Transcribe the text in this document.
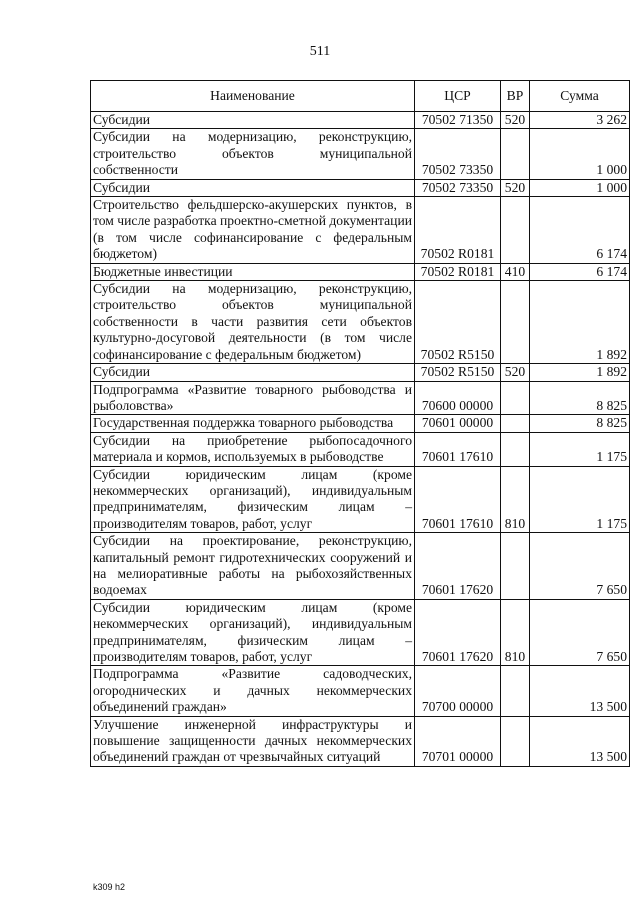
511
Наименование	ЦСР	ВР	Сумма
Субсидии	70502 71350	520	3 262
Субсидии на модернизацию, реконструкцию, строительство объектов муниципальной собственности	70502 73350		1 000
Субсидии	70502 73350	520	1 000
Строительство фельдшерско-акушерских пунктов, в том числе разработка проектно-сметной документации (в том числе софинансирование с федеральным бюджетом)	70502 R0181		6 174
Бюджетные инвестиции	70502 R0181	410	6 174
Субсидии на модернизацию, реконструкцию, строительство объектов муниципальной собственности в части развития сети объектов культурно-досуговой деятельности (в том числе софинансирование с федеральным бюджетом)	70502 R5150		1 892
Субсидии	70502 R5150	520	1 892
Подпрограмма «Развитие товарного рыбоводства и рыболовства»	70600 00000		8 825
Государственная поддержка товарного рыбоводства	70601 00000		8 825
Субсидии на приобретение рыбопосадочного материала и кормов, используемых в рыбоводстве	70601 17610		1 175
Субсидии юридическим лицам (кроме некоммерческих организаций), индивидуальным предпринимателям, физическим лицам – производителям товаров, работ, услуг	70601 17610	810	1 175
Субсидии на проектирование, реконструкцию, капитальный ремонт гидротехнических сооружений и на мелиоративные работы на рыбохозяйственных водоемах	70601 17620		7 650
Субсидии юридическим лицам (кроме некоммерческих организаций), индивидуальным предпринимателям, физическим лицам – производителям товаров, работ, услуг	70601 17620	810	7 650
Подпрограмма «Развитие садоводческих, огороднических и дачных некоммерческих объединений граждан»	70700 00000		13 500
Улучшение инженерной инфраструктуры и повышение защищенности дачных некоммерческих объединений граждан от чрезвычайных ситуаций	70701 00000		13 500
k309 h2
